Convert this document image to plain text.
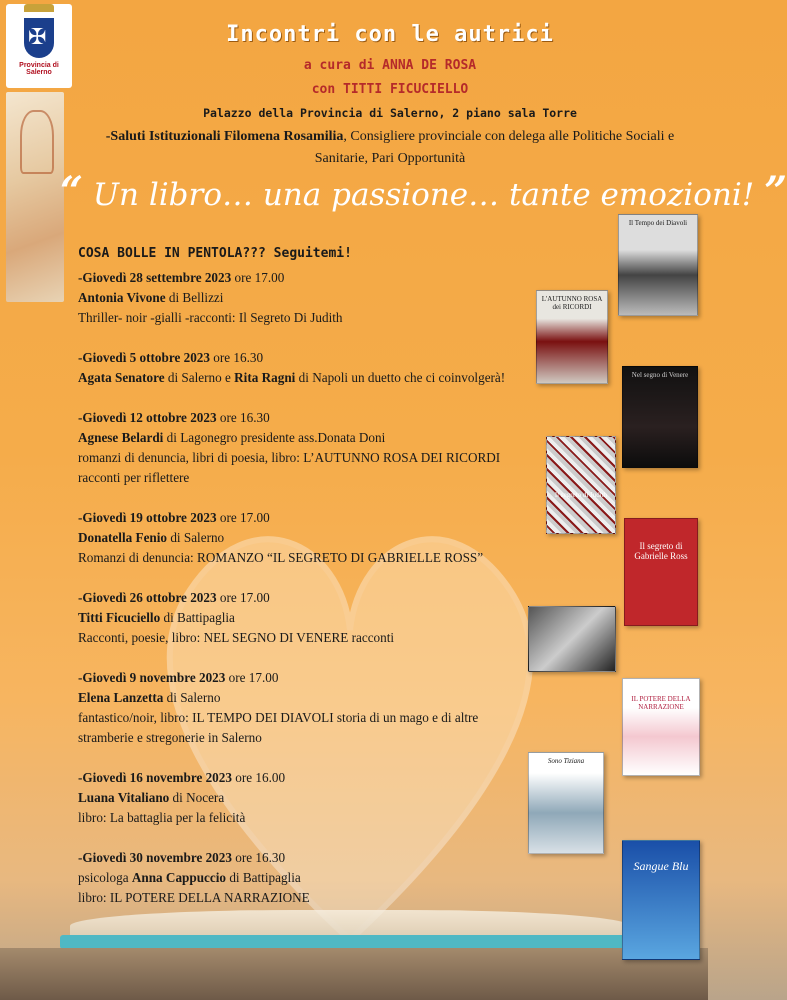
✠
Provincia di Salerno
Incontri con le autrici
a cura di ANNA DE ROSA
con TITTI FICUCIELLO
Palazzo della Provincia di Salerno, 2 piano sala Torre
-Saluti Istituzionali Filomena Rosamilia, Consigliere provinciale con delega alle Politiche Sociali e Sanitarie, Pari Opportunità
“ Un libro… una passione… tante emozioni! ”
COSA BOLLE IN PENTOLA??? Seguitemi!
-Giovedì 28 settembre 2023 ore 17.00
Antonia Vivone di Bellizzi
Thriller- noir -gialli -racconti: Il Segreto Di Judith
-Giovedì 5 ottobre 2023 ore 16.30
Agata Senatore di Salerno e Rita Ragni di Napoli un duetto che ci coinvolgerà!
-Giovedì 12 ottobre 2023 ore 16.30
Agnese Belardi di Lagonegro presidente ass.Donata Doni
romanzi di denuncia, libri di poesia, libro: L’AUTUNNO ROSA DEI RICORDI racconti per riflettere
-Giovedì 19 ottobre 2023 ore 17.00
Donatella Fenio di Salerno
Romanzi di denuncia: ROMANZO “IL SEGRETO DI GABRIELLE ROSS”
-Giovedì 26 ottobre 2023 ore 17.00
Titti Ficuciello di Battipaglia
Racconti, poesie, libro: NEL SEGNO DI VENERE racconti
-Giovedì 9 novembre 2023 ore 17.00
Elena Lanzetta di Salerno
fantastico/noir, libro: IL TEMPO DEI DIAVOLI storia di un mago e di altre stramberie e stregonerie in Salerno
-Giovedì 16 novembre 2023 ore 16.00
Luana Vitaliano di Nocera
libro: La battaglia per la felicità
-Giovedì 30 novembre 2023 ore 16.30
psicologa Anna Cappuccio di Battipaglia
libro: IL POTERE DELLA NARRAZIONE
Il Tempo dei Diavoli
L'AUTUNNO ROSA dei RICORDI
Nel segno di Venere
Il segreto di Judith
Il segreto di Gabrielle Ross
IL POTERE DELLA NARRAZIONE
Sono Tiziana
Sangue Blu
